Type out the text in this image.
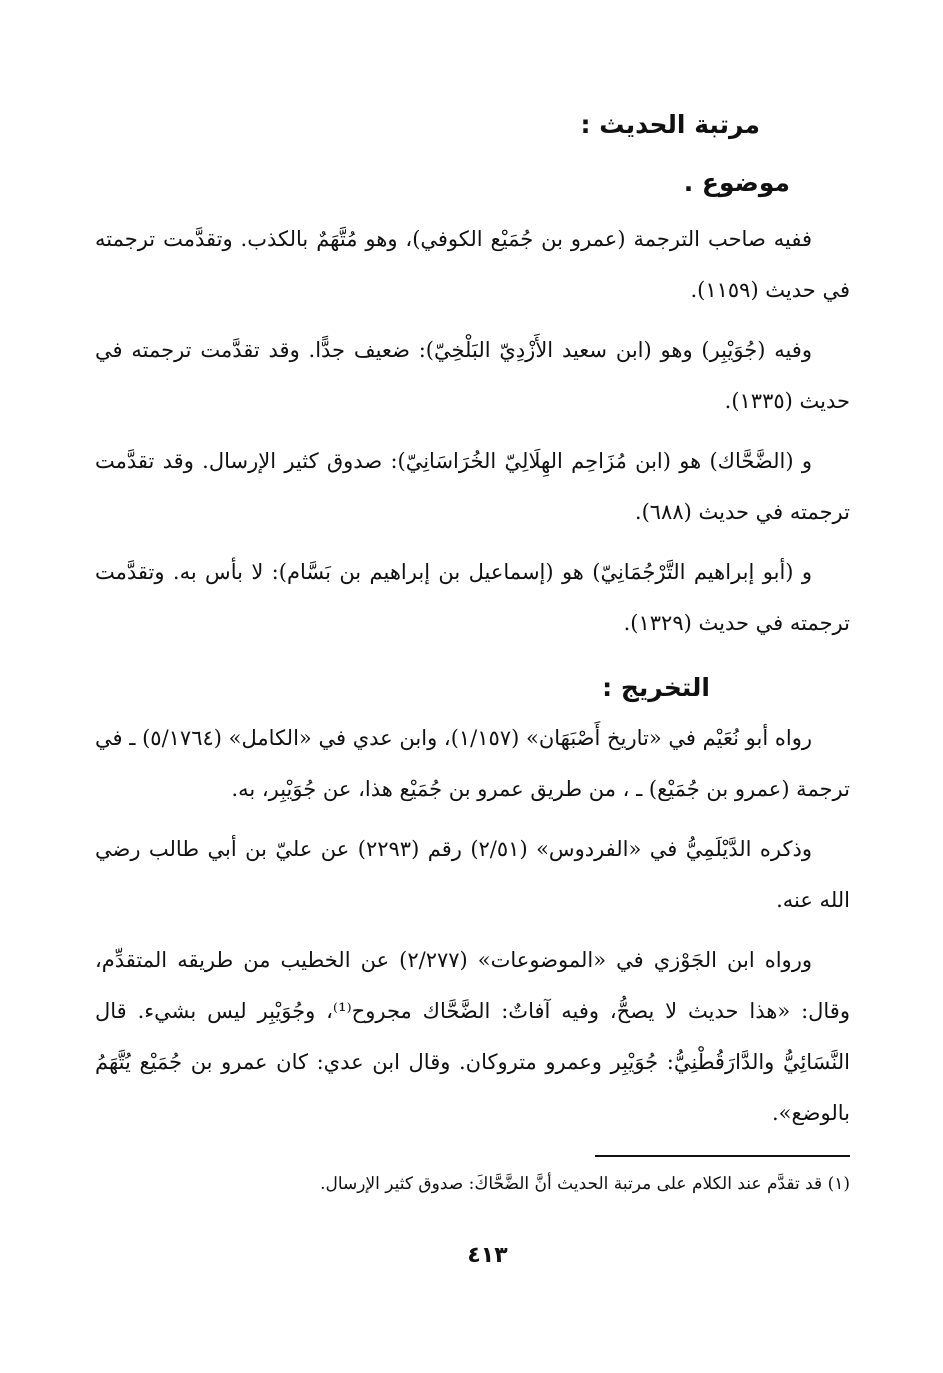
مرتبة الحديث :
موضوع .

ففيه صاحب الترجمة (عمرو بن جُمَيْع الكوفي)، وهو مُتَّهَمٌ بالكذب. وتقدَّمت ترجمته في حديث (١١٥٩).

وفيه (جُوَيْبِر) وهو (ابن سعيد الأَزْدِيّ البَلْخِيّ): ضعيف جدًّا. وقد تقدَّمت ترجمته في حديث (١٣٣٥).

و (الضَّحَّاك) هو (ابن مُزَاحِم الهِلَالِيّ الخُرَاسَانِيّ): صدوق كثير الإرسال. وقد تقدَّمت ترجمته في حديث (٦٨٨).

و (أبو إبراهيم التَّرْجُمَانِيّ) هو (إسماعيل بن إبراهيم بن بَسَّام): لا بأس به. وتقدَّمت ترجمته في حديث (١٣٢٩).

التخريج :

رواه أبو نُعَيْم في «تاريخ أَصْبَهَان» (١/١٥٧)، وابن عدي في «الكامل» (٥/١٧٦٤) ـ في ترجمة (عمرو بن جُمَيْع) ـ ، من طريق عمرو بن جُمَيْع هذا، عن جُوَيْبِر، به.

وذكره الدَّيْلَمِيُّ في «الفردوس» (٢/٥١) رقم (٢٢٩٣) عن عليّ بن أبي طالب رضي الله عنه.

ورواه ابن الجَوْزي في «الموضوعات» (٢/٢٧٧) عن الخطيب من طريقه المتقدِّم، وقال: «هذا حديث لا يصحُّ، وفيه آفاتٌ: الضَّحَّاك مجروح⁽¹⁾، وجُوَيْبِر ليس بشيء. قال النَّسَائِيُّ والدَّارَقُطْنِيُّ: جُوَيْبِر وعمرو متروكان. وقال ابن عدي: كان عمرو بن جُمَيْع يُتَّهَمُ بالوضع».

(١) قد تقدَّم عند الكلام على مرتبة الحديث أنَّ الضَّحَّاكَ: صدوق كثير الإرسال.

٤١٣
